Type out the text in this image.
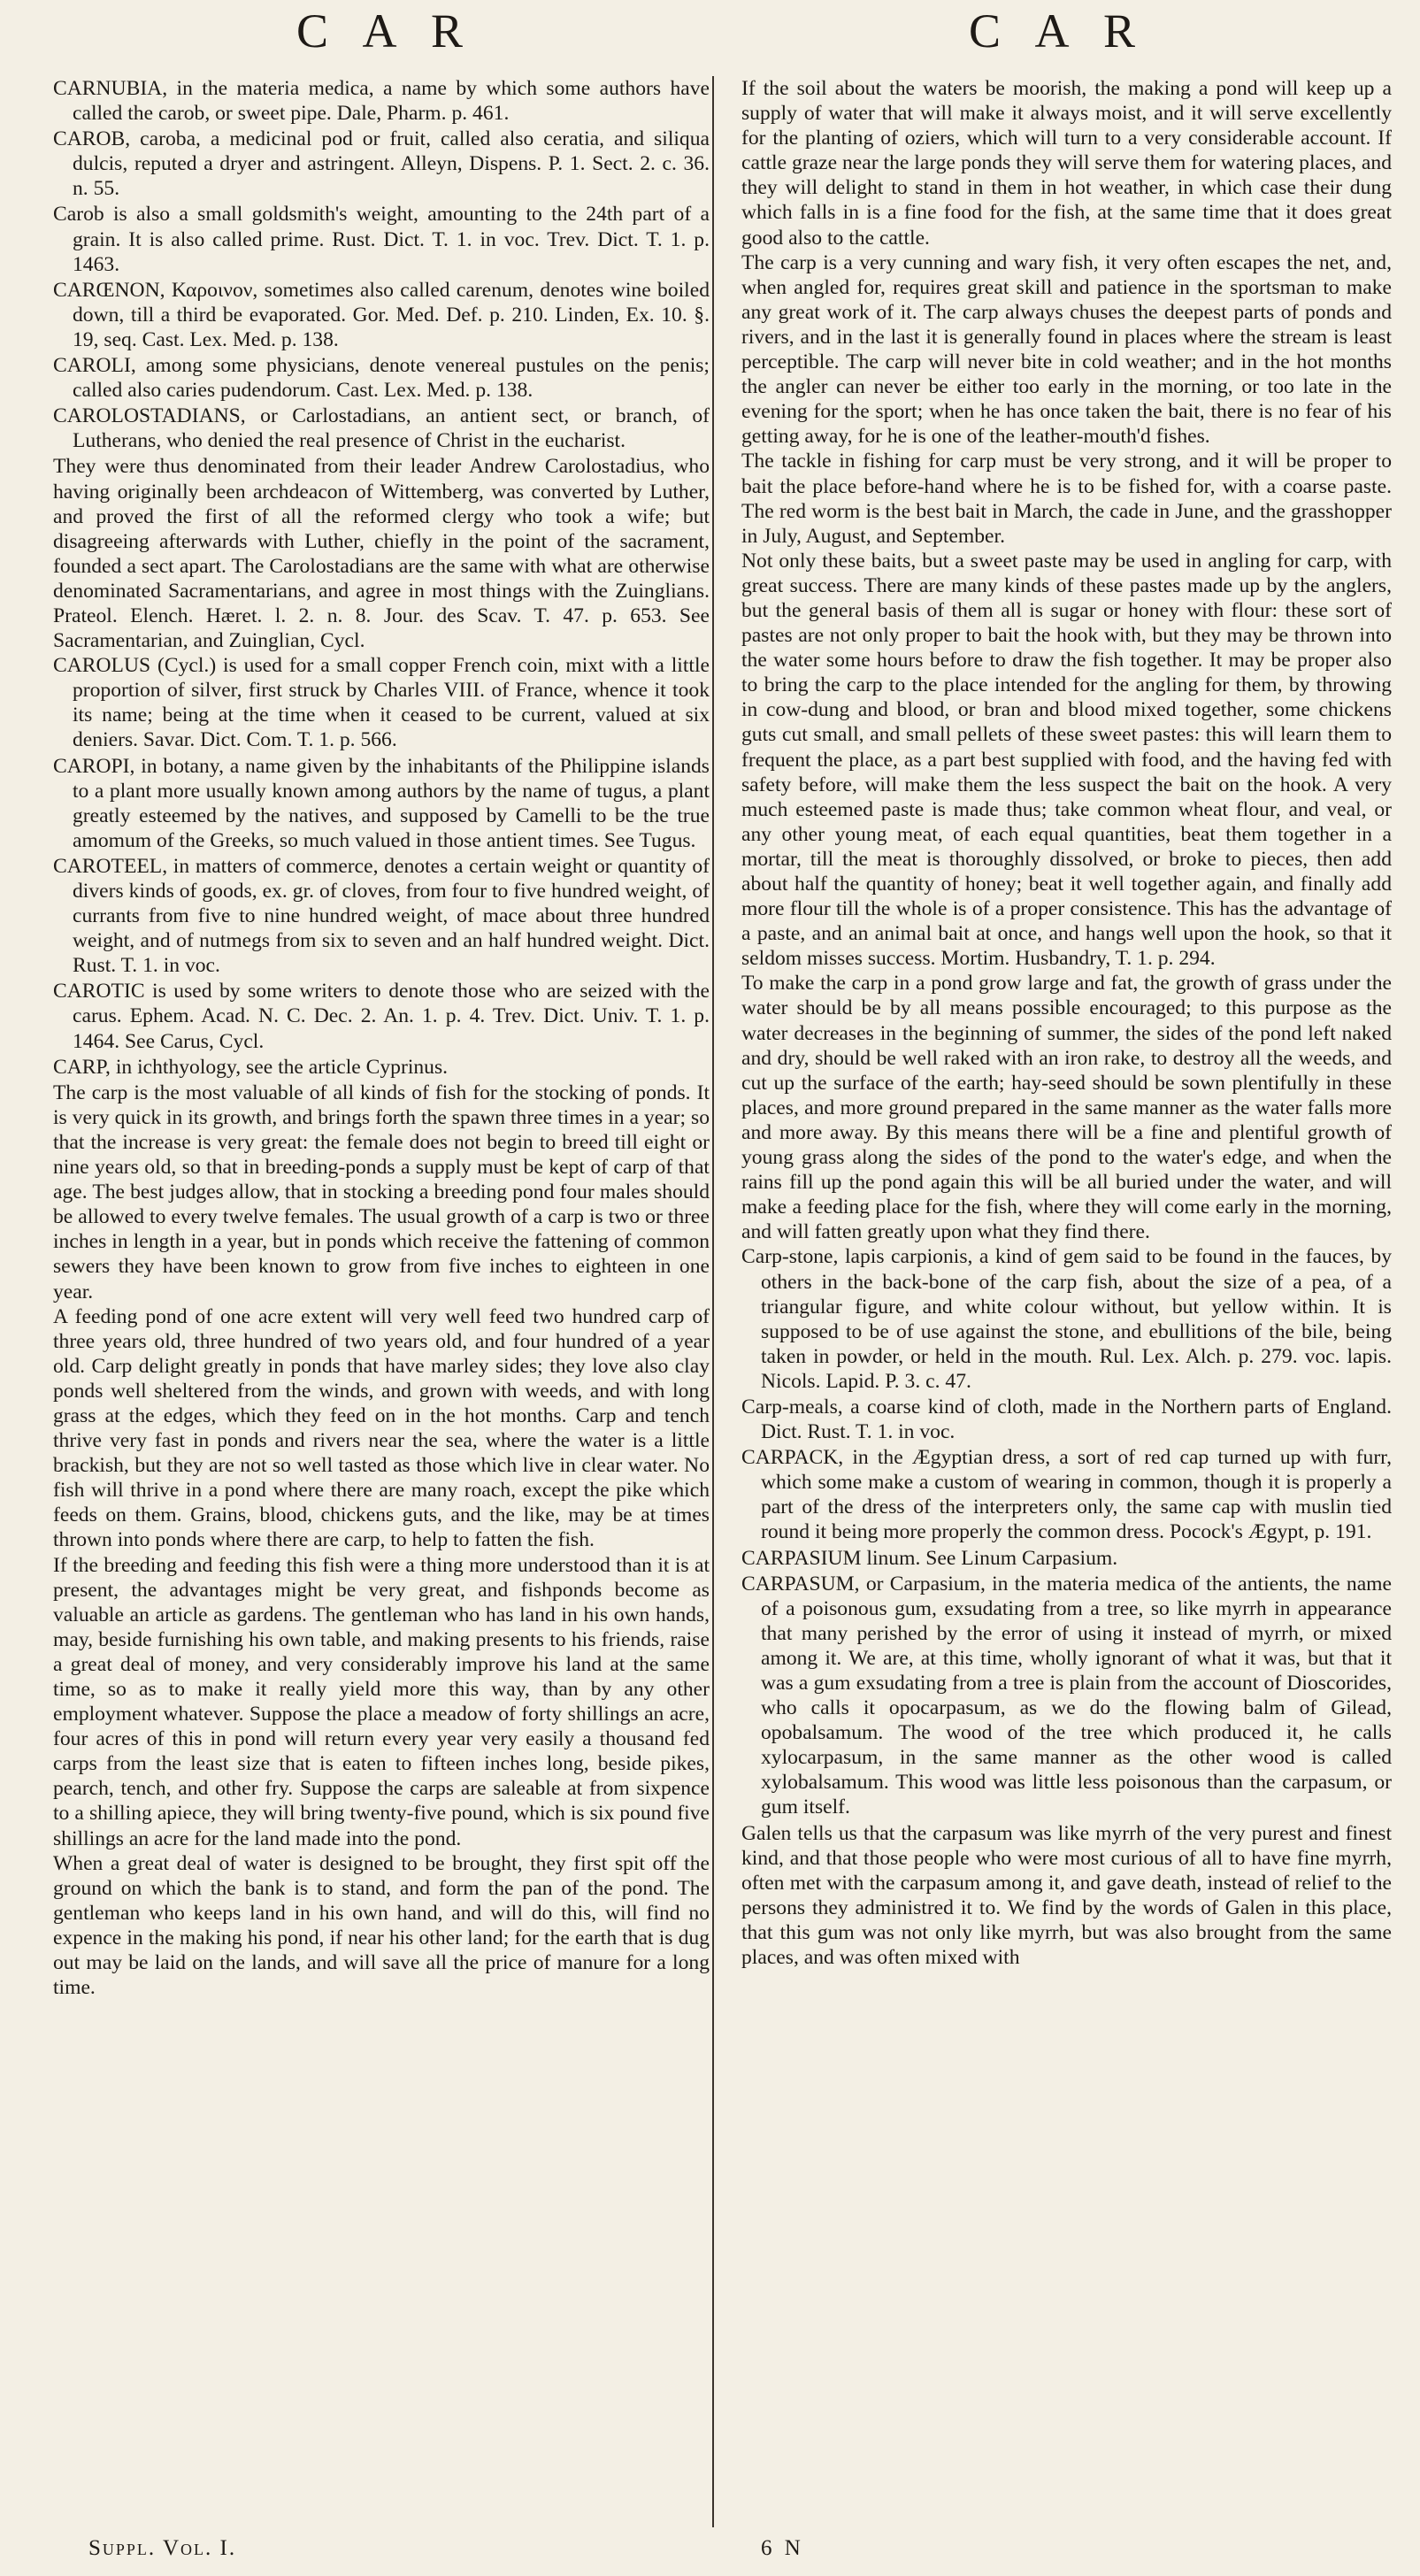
C A R	C A R

CARNUBIA, in the materia medica, a name by which some authors have called the carob, or sweet pipe. Dale, Pharm. p. 461.

CAROB, caroba, a medicinal pod or fruit, called also ceratia, and siliqua dulcis, reputed a dryer and astringent. Alleyn, Dispens. P. 1. Sect. 2. c. 36. n. 55.

Carob is also a small goldsmith's weight, amounting to the 24th part of a grain. It is also called prime. Rust. Dict. T. 1. in voc. Trev. Dict. T. 1. p. 1463.

CARŒNON, Καροινον, sometimes also called carenum, denotes wine boiled down, till a third be evaporated. Gor. Med. Def. p. 210. Linden, Ex. 10. §. 19, seq. Cast. Lex. Med. p. 138.

CAROLI, among some physicians, denote venereal pustules on the penis; called also caries pudendorum. Cast. Lex. Med. p. 138.

CAROLOSTADIANS, or Carlostadians, an antient sect, or branch, of Lutherans, who denied the real presence of Christ in the eucharist.

They were thus denominated from their leader Andrew Carolostadius, who having originally been archdeacon of Wittemberg, was converted by Luther, and proved the first of all the reformed clergy who took a wife; but disagreeing afterwards with Luther, chiefly in the point of the sacrament, founded a sect apart. The Carolostadians are the same with what are otherwise denominated Sacramentarians, and agree in most things with the Zuinglians. Prateol. Elench. Hæret. l. 2. n. 8. Jour. des Scav. T. 47. p. 653. See Sacramentarian, and Zuinglian, Cycl.

CAROLUS (Cycl.) is used for a small copper French coin, mixt with a little proportion of silver, first struck by Charles VIII. of France, whence it took its name; being at the time when it ceased to be current, valued at six deniers. Savar. Dict. Com. T. 1. p. 566.

CAROPI, in botany, a name given by the inhabitants of the Philippine islands to a plant more usually known among authors by the name of tugus, a plant greatly esteemed by the natives, and supposed by Camelli to be the true amomum of the Greeks, so much valued in those antient times. See Tugus.

CAROTEEL, in matters of commerce, denotes a certain weight or quantity of divers kinds of goods, ex. gr. of cloves, from four to five hundred weight, of currants from five to nine hundred weight, of mace about three hundred weight, and of nutmegs from six to seven and an half hundred weight. Dict. Rust. T. 1. in voc.

CAROTIC is used by some writers to denote those who are seized with the carus. Ephem. Acad. N. C. Dec. 2. An. 1. p. 4. Trev. Dict. Univ. T. 1. p. 1464. See Carus, Cycl.

CARP, in ichthyology, see the article Cyprinus.

The carp is the most valuable of all kinds of fish for the stocking of ponds. It is very quick in its growth, and brings forth the spawn three times in a year; so that the increase is very great: the female does not begin to breed till eight or nine years old, so that in breeding-ponds a supply must be kept of carp of that age. The best judges allow, that in stocking a breeding pond four males should be allowed to every twelve females. The usual growth of a carp is two or three inches in length in a year, but in ponds which receive the fattening of common sewers they have been known to grow from five inches to eighteen in one year.

A feeding pond of one acre extent will very well feed two hundred carp of three years old, three hundred of two years old, and four hundred of a year old. Carp delight greatly in ponds that have marley sides; they love also clay ponds well sheltered from the winds, and grown with weeds, and with long grass at the edges, which they feed on in the hot months. Carp and tench thrive very fast in ponds and rivers near the sea, where the water is a little brackish, but they are not so well tasted as those which live in clear water. No fish will thrive in a pond where there are many roach, except the pike which feeds on them. Grains, blood, chickens guts, and the like, may be at times thrown into ponds where there are carp, to help to fatten the fish.

If the breeding and feeding this fish were a thing more understood than it is at present, the advantages might be very great, and fishponds become as valuable an article as gardens. The gentleman who has land in his own hands, may, beside furnishing his own table, and making presents to his friends, raise a great deal of money, and very considerably improve his land at the same time, so as to make it really yield more this way, than by any other employment whatever. Suppose the place a meadow of forty shillings an acre, four acres of this in pond will return every year very easily a thousand fed carps from the least size that is eaten to fifteen inches long, beside pikes, pearch, tench, and other fry. Suppose the carps are saleable at from sixpence to a shilling apiece, they will bring twenty-five pound, which is six pound five shillings an acre for the land made into the pond.

When a great deal of water is designed to be brought, they first spit off the ground on which the bank is to stand, and form the pan of the pond. The gentleman who keeps land in his own hand, and will do this, will find no expence in the making his pond, if near his other land; for the earth that is dug out may be laid on the lands, and will save all the price of manure for a long time.

If the soil about the waters be moorish, the making a pond will keep up a supply of water that will make it always moist, and it will serve excellently for the planting of oziers, which will turn to a very considerable account. If cattle graze near the large ponds they will serve them for watering places, and they will delight to stand in them in hot weather, in which case their dung which falls in is a fine food for the fish, at the same time that it does great good also to the cattle.

The carp is a very cunning and wary fish, it very often escapes the net, and, when angled for, requires great skill and patience in the sportsman to make any great work of it. The carp always chuses the deepest parts of ponds and rivers, and in the last it is generally found in places where the stream is least perceptible. The carp will never bite in cold weather; and in the hot months the angler can never be either too early in the morning, or too late in the evening for the sport; when he has once taken the bait, there is no fear of his getting away, for he is one of the leather-mouth'd fishes.

The tackle in fishing for carp must be very strong, and it will be proper to bait the place before-hand where he is to be fished for, with a coarse paste. The red worm is the best bait in March, the cade in June, and the grasshopper in July, August, and September.

Not only these baits, but a sweet paste may be used in angling for carp, with great success. There are many kinds of these pastes made up by the anglers, but the general basis of them all is sugar or honey with flour: these sort of pastes are not only proper to bait the hook with, but they may be thrown into the water some hours before to draw the fish together. It may be proper also to bring the carp to the place intended for the angling for them, by throwing in cow-dung and blood, or bran and blood mixed together, some chickens guts cut small, and small pellets of these sweet pastes: this will learn them to frequent the place, as a part best supplied with food, and the having fed with safety before, will make them the less suspect the bait on the hook. A very much esteemed paste is made thus; take common wheat flour, and veal, or any other young meat, of each equal quantities, beat them together in a mortar, till the meat is thoroughly dissolved, or broke to pieces, then add about half the quantity of honey; beat it well together again, and finally add more flour till the whole is of a proper consistence. This has the advantage of a paste, and an animal bait at once, and hangs well upon the hook, so that it seldom misses success. Mortim. Husbandry, T. 1. p. 294.

To make the carp in a pond grow large and fat, the growth of grass under the water should be by all means possible encouraged; to this purpose as the water decreases in the beginning of summer, the sides of the pond left naked and dry, should be well raked with an iron rake, to destroy all the weeds, and cut up the surface of the earth; hay-seed should be sown plentifully in these places, and more ground prepared in the same manner as the water falls more and more away. By this means there will be a fine and plentiful growth of young grass along the sides of the pond to the water's edge, and when the rains fill up the pond again this will be all buried under the water, and will make a feeding place for the fish, where they will come early in the morning, and will fatten greatly upon what they find there.

Carp-stone, lapis carpionis, a kind of gem said to be found in the fauces, by others in the back-bone of the carp fish, about the size of a pea, of a triangular figure, and white colour without, but yellow within. It is supposed to be of use against the stone, and ebullitions of the bile, being taken in powder, or held in the mouth. Rul. Lex. Alch. p. 279. voc. lapis. Nicols. Lapid. P. 3. c. 47.

Carp-meals, a coarse kind of cloth, made in the Northern parts of England. Dict. Rust. T. 1. in voc.

CARPACK, in the Ægyptian dress, a sort of red cap turned up with furr, which some make a custom of wearing in common, though it is properly a part of the dress of the interpreters only, the same cap with muslin tied round it being more properly the common dress. Pocock's Ægypt, p. 191.

CARPASIUM linum. See Linum Carpasium.

CARPASUM, or Carpasium, in the materia medica of the antients, the name of a poisonous gum, exsudating from a tree, so like myrrh in appearance that many perished by the error of using it instead of myrrh, or mixed among it. We are, at this time, wholly ignorant of what it was, but that it was a gum exsudating from a tree is plain from the account of Dioscorides, who calls it opocarpasum, as we do the flowing balm of Gilead, opobalsamum. The wood of the tree which produced it, he calls xylocarpasum, in the same manner as the other wood is called xylobalsamum. This wood was little less poisonous than the carpasum, or gum itself.

Galen tells us that the carpasum was like myrrh of the very purest and finest kind, and that those people who were most curious of all to have fine myrrh, often met with the carpasum among it, and gave death, instead of relief to the persons they administred it to. We find by the words of Galen in this place, that this gum was not only like myrrh, but was also brought from the same places, and was often mixed with

Suppl. Vol. I.	6 N
